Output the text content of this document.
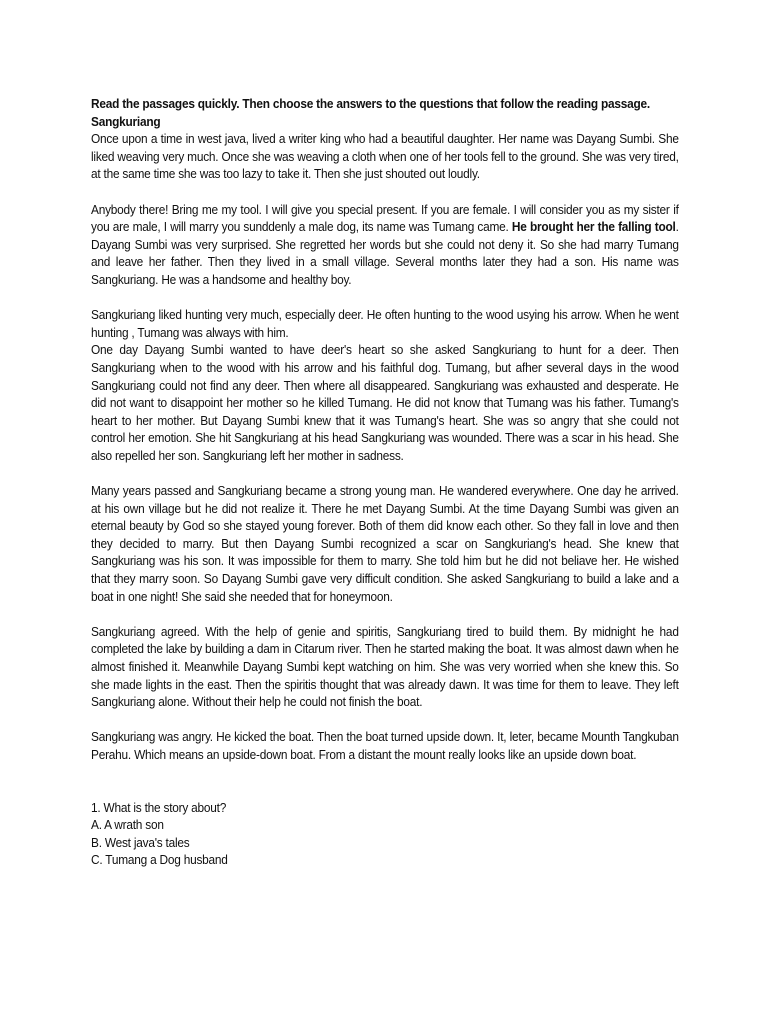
Read the passages quickly. Then choose the answers to the questions that follow the reading passage.

Sangkuriang

Once upon a time in west java, lived a writer king who had a beautiful daughter. Her name was Dayang Sumbi. She liked weaving very much. Once she was weaving a cloth when one of her tools fell to the ground. She was very tired, at the same time she was too lazy to take it. Then she just shouted out loudly.

Anybody there! Bring me my tool. I will give you special present. If you are female. I will consider you as my sister if you are male, I will marry you sunddenly a male dog, its name was Tumang came. He brought her the falling tool. Dayang Sumbi was very surprised. She regretted her words but she could not deny it. So she had marry Tumang and leave her father. Then they lived in a small village. Several months later they had a son. His name was Sangkuriang. He was a handsome and healthy boy.

Sangkuriang liked hunting very much, especially deer. He often hunting to the wood usying his arrow. When he went hunting , Tumang was always with him.

One day Dayang Sumbi wanted to have deer's heart so she asked Sangkuriang to hunt for a deer. Then Sangkuriang when to the wood with his arrow and his faithful dog. Tumang, but afher several days in the wood Sangkuriang could not find any deer. Then where all disappeared. Sangkuriang was exhausted and desperate. He did not want to disappoint her mother so he killed Tumang. He did not know that Tumang was his father. Tumang's heart to her mother. But Dayang Sumbi knew that it was Tumang's heart. She was so angry that she could not control her emotion. She hit Sangkuriang at his head Sangkuriang was wounded. There was a scar in his head. She also repelled her son. Sangkuriang left her mother in sadness.

Many years passed and Sangkuriang became a strong young man. He wandered everywhere. One day he arrived. at his own village but he did not realize it. There he met Dayang Sumbi. At the time Dayang Sumbi was given an eternal beauty by God so she stayed young forever. Both of them did know each other. So they fall in love and then they decided to marry. But then Dayang Sumbi recognized a scar on Sangkuriang's head. She knew that Sangkuriang was his son. It was impossible for them to marry. She told him but he did not beliave her. He wished that they marry soon. So Dayang Sumbi gave very difficult condition. She asked Sangkuriang to build a lake and a boat in one night! She said she needed that for honeymoon.

Sangkuriang agreed. With the help of genie and spiritis, Sangkuriang tired to build them. By midnight he had completed the lake by building a dam in Citarum river. Then he started making the boat. It was almost dawn when he almost finished it. Meanwhile Dayang Sumbi kept watching on him. She was very worried when she knew this. So she made lights in the east. Then the spiritis thought that was already dawn. It was time for them to leave. They left Sangkuriang alone. Without their help he could not finish the boat.

Sangkuriang was angry. He kicked the boat. Then the boat turned upside down. It, leter, became Mounth Tangkuban Perahu. Which means an upside-down boat. From a distant the mount really looks like an upside down boat.

1. What is the story about?

A. A wrath son

B. West java's tales

C. Tumang a Dog husband
